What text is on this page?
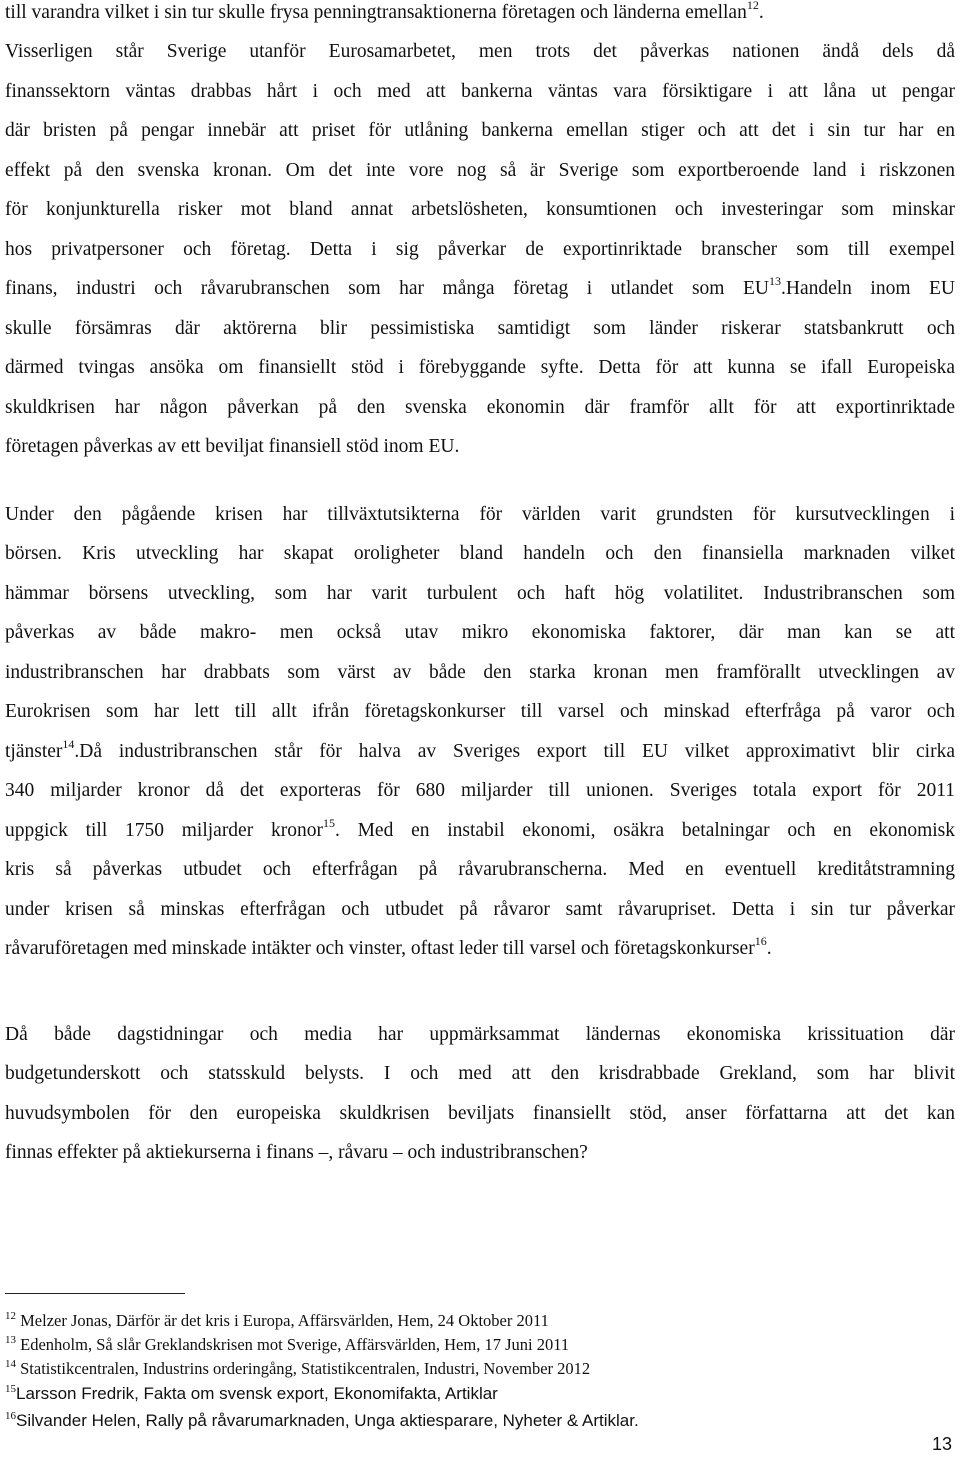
till varandra vilket i sin tur skulle frysa penningtransaktionerna företagen och länderna emellan$^{12}$.
Visserligen står Sverige utanför Eurosamarbetet, men trots det påverkas nationen ändå dels då
finanssektorn väntas drabbas hårt i och med att bankerna väntas vara försiktigare i att låna ut pengar
där bristen på pengar innebär att priset för utlåning bankerna emellan stiger och att det i sin tur har en
effekt på den svenska kronan. Om det inte vore nog så är Sverige som exportberoende land i riskzonen
för konjunkturella risker mot bland annat arbetslösheten, konsumtionen och investeringar som minskar
hos privatpersoner och företag. Detta i sig påverkar de exportinriktade branscher som till exempel
finans, industri och råvarubranschen som har många företag i utlandet som EU$^{13}$.Handeln inom EU
skulle försämras där aktörerna blir pessimistiska samtidigt som länder riskerar statsbankrutt och
därmed tvingas ansöka om finansiellt stöd i förebyggande syfte. Detta för att kunna se ifall Europeiska
skuldkrisen har någon påverkan på den svenska ekonomin där framför allt för att exportinriktade
företagen påverkas av ett beviljat finansiell stöd inom EU.
Under den pågående krisen har tillväxtutsikterna för världen varit grundsten för kursutvecklingen i
börsen. Kris utveckling har skapat oroligheter bland handeln och den finansiella marknaden vilket
hämmar börsens utveckling, som har varit turbulent och haft hög volatilitet. Industribranschen som
påverkas av både makro- men också utav mikro ekonomiska faktorer, där man kan se att
industribranschen har drabbats som värst av både den starka kronan men framförallt utvecklingen av
Eurokrisen som har lett till allt ifrån företagskonkurser till varsel och minskad efterfråga på varor och
tjänster$^{14}$.Då industribranschen står för halva av Sveriges export till EU vilket approximativt blir cirka
340 miljarder kronor då det exporteras för 680 miljarder till unionen. Sveriges totala export för 2011
uppgick till 1750 miljarder kronor$^{15}$. Med en instabil ekonomi, osäkra betalningar och en ekonomisk
kris så påverkas utbudet och efterfrågan på råvarubranscherna. Med en eventuell kreditåtstramning
under krisen så minskas efterfrågan och utbudet på råvaror samt råvarupriset. Detta i sin tur påverkar
råvaruföretagen med minskade intäkter och vinster, oftast leder till varsel och företagskonkurser$^{16}$.
Då både dagstidningar och media har uppmärksammat ländernas ekonomiska krissituation där
budgetunderskott och statsskuld belysts. I och med att den krisdrabbade Grekland, som har blivit
huvudsymbolen för den europeiska skuldkrisen beviljats finansiellt stöd, anser författarna att det kan
finnas effekter på aktiekurserna i finans –, råvaru – och industribranschen?
$^{12}$ Melzer Jonas, Därför är det kris i Europa, Affärsvärlden, Hem, 24 Oktober 2011
$^{13}$ Edenholm, Så slår Greklandskrisen mot Sverige, Affärsvärlden, Hem, 17 Juni 2011
$^{14}$ Statistikcentralen, Industrins orderingång, Statistikcentralen, Industri, November 2012
$^{15}$Larsson Fredrik, Fakta om svensk export, Ekonomifakta, Artiklar
$^{16}$Silvander Helen, Rally på råvarumarknaden, Unga aktiesparare, Nyheter & Artiklar.
13
